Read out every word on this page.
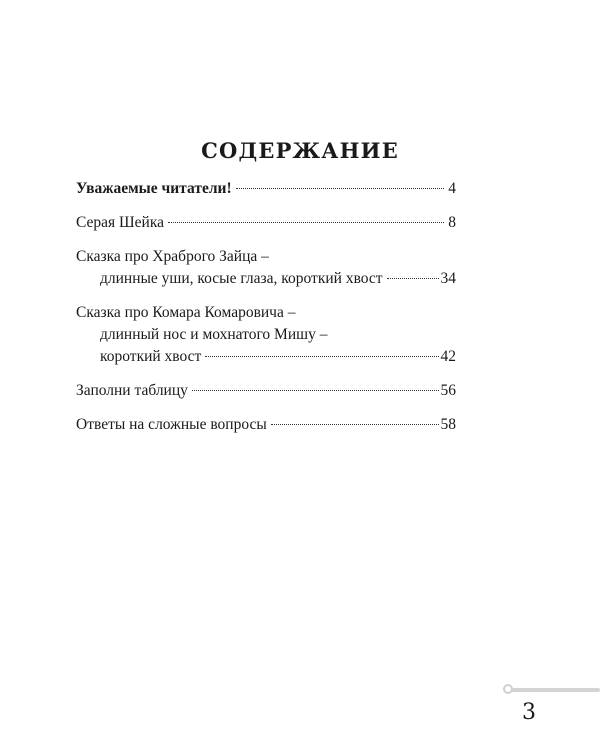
СОДЕРЖАНИЕ
Уважаемые читатели!	4
Серая Шейка	8
Сказка про Храброго Зайца –
длинные уши, косые глаза, короткий хвост	34
Сказка про Комара Комаровича –
длинный нос и мохнатого Мишу –
короткий хвост	42
Заполни таблицу	56
Ответы на сложные вопросы	58
3
